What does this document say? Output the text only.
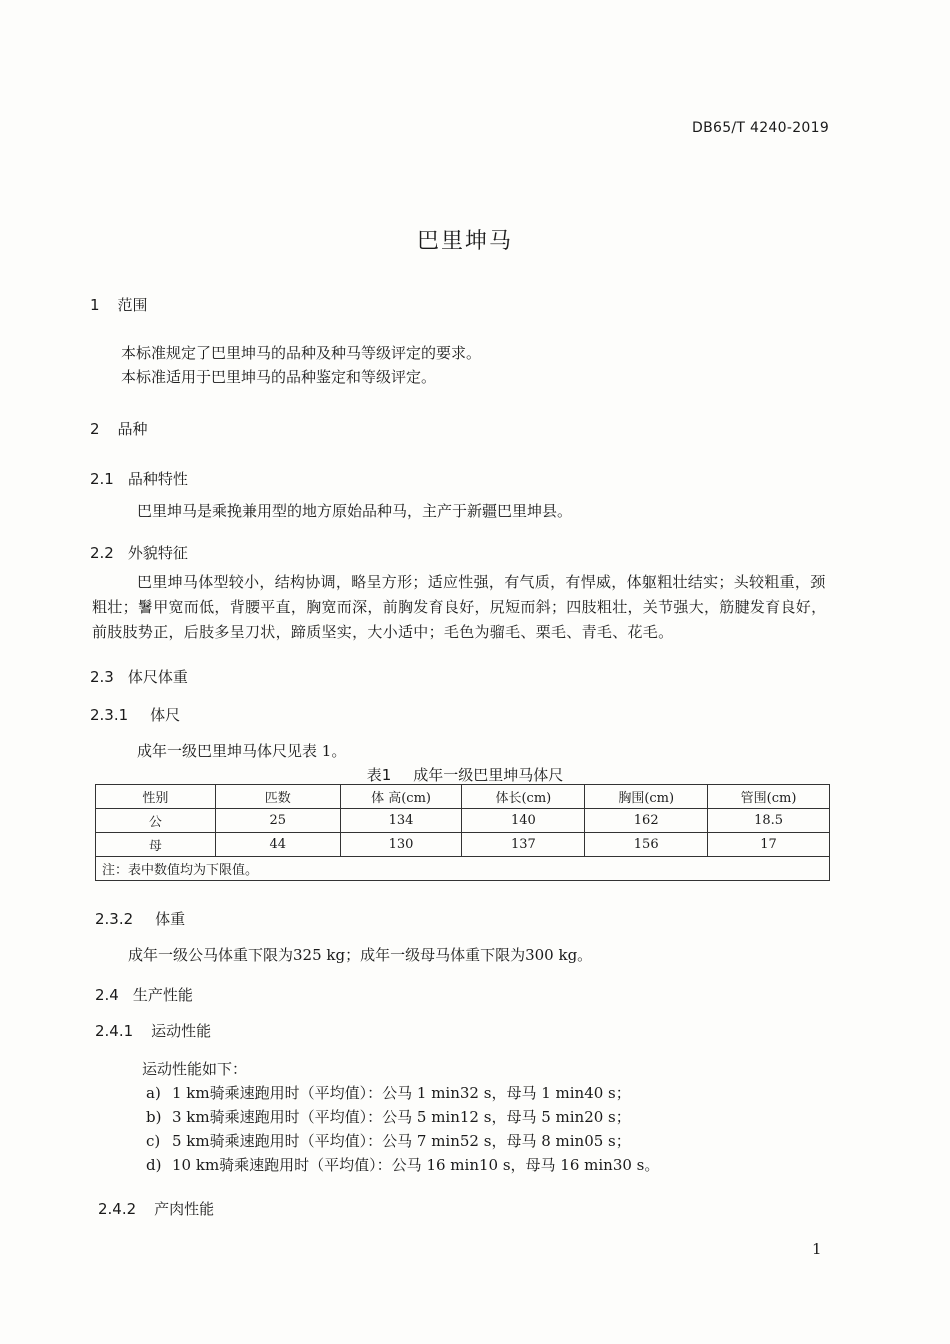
DB65/T 4240-2019
巴里坤马
1 范围
本标准规定了巴里坤马的品种及种马等级评定的要求。
本标准适用于巴里坤马的品种鉴定和等级评定。
2 品种
2.1 品种特性
巴里坤马是乘挽兼用型的地方原始品种马，主产于新疆巴里坤县。
2.2 外貌特征
巴里坤马体型较小，结构协调，略呈方形；适应性强，有气质，有悍威，体躯粗壮结实；头较粗重，颈粗壮；鬐甲宽而低，背腰平直，胸宽而深，前胸发育良好，尻短而斜；四肢粗壮，关节强大，筋腱发育良好，前肢肢势正，后肢多呈刀状，蹄质坚实，大小适中；毛色为骝毛、栗毛、青毛、花毛。
2.3 体尺体重
2.3.1 体尺
成年一级巴里坤马体尺见表 1。
表1 成年一级巴里坤马体尺
性别	匹数	体 高(cm)	体长(cm)	胸围(cm)	管围(cm)
公	25	134	140	162	18.5
母	44	130	137	156	17
注：表中数值均为下限值。					
2.3.2 体重
成年一级公马体重下限为325 kg；成年一级母马体重下限为300 kg。
2.4 生产性能
2.4.1 运动性能
运动性能如下：
a) 1 km骑乘速跑用时（平均值）：公马 1 min32 s，母马 1 min40 s；
b) 3 km骑乘速跑用时（平均值）：公马 5 min12 s，母马 5 min20 s；
c) 5 km骑乘速跑用时（平均值）：公马 7 min52 s，母马 8 min05 s；
d) 10 km骑乘速跑用时（平均值）：公马 16 min10 s，母马 16 min30 s。
2.4.2 产肉性能
1
